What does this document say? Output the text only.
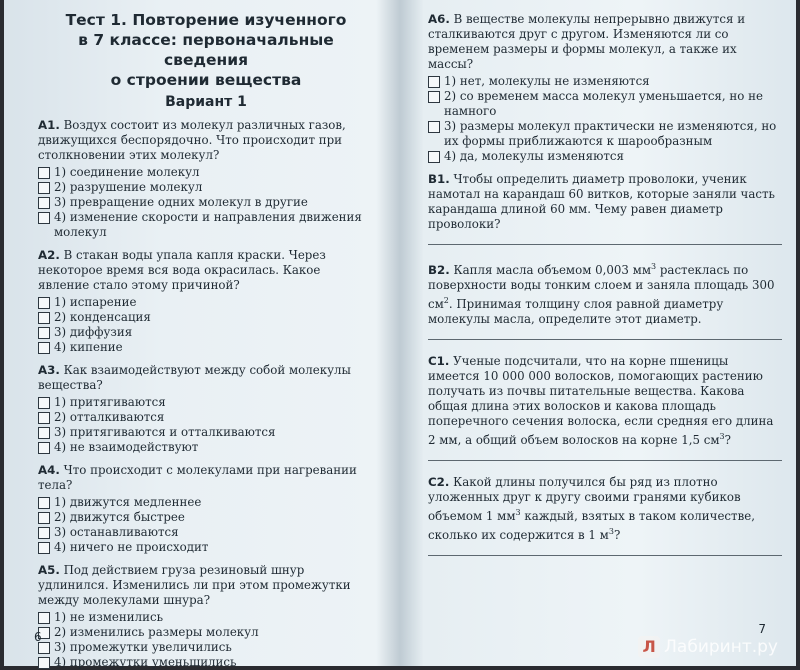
Тест 1. Повторение изученного
в 7 классе: первоначальные сведения
о строении вещества

Вариант 1

A1. Воздух состоит из молекул различных газов, движущихся беспорядочно. Что происходит при столкновении этих молекул?

1) соединение молекул
2) разрушение молекул
3) превращение одних молекул в другие
4) изменение скорости и направления движения молекул

A2. В стакан воды упала капля краски. Через некоторое время вся вода окрасилась. Какое явление стало этому причиной?

1) испарение
2) конденсация
3) диффузия
4) кипение

A3. Как взаимодействуют между собой молекулы вещества?

1) притягиваются
2) отталкиваются
3) притягиваются и отталкиваются
4) не взаимодействуют

A4. Что происходит с молекулами при нагревании тела?

1) движутся медленнее
2) движутся быстрее
3) останавливаются
4) ничего не происходит

A5. Под действием груза резиновый шнур удлинился. Изменились ли при этом промежутки между молекулами шнура?

1) не изменились
2) изменились размеры молекул
3) промежутки увеличились
4) промежутки уменьшились
6

A6. В веществе молекулы непрерывно движутся и сталкиваются друг с другом. Изменяются ли со временем размеры и формы молекул, а также их массы?

1) нет, молекулы не изменяются
2) со временем масса молекул уменьшается, но не намного
3) размеры молекул практически не изменяются, но их формы приближаются к шарообразным
4) да, молекулы изменяются

B1. Чтобы определить диаметр проволоки, ученик намотал на карандаш 60 витков, которые заняли часть карандаша длиной 60 мм. Чему равен диаметр проволоки?

B2. Капля масла объемом 0,003 $мм^3$ растеклась по поверхности воды тонким слоем и заняла площадь 300 $см^2$. Принимая толщину слоя равной диаметру молекулы масла, определите этот диаметр.

C1. Ученые подсчитали, что на корне пшеницы имеется 10 000 000 волосков, помогающих растению получать из почвы питательные вещества. Какова общая длина этих волосков и какова площадь поперечного сечения волоска, если средняя его длина 2 мм, а общий объем волосков на корне 1,5 $см^3$?

C2. Какой длины получился бы ряд из плотно уложенных друг к другу своими гранями кубиков объемом 1 $мм^3$ каждый, взятых в таком количестве, сколько их содержится в 1 $м^3$?

7
Л Лабиринт.ру
